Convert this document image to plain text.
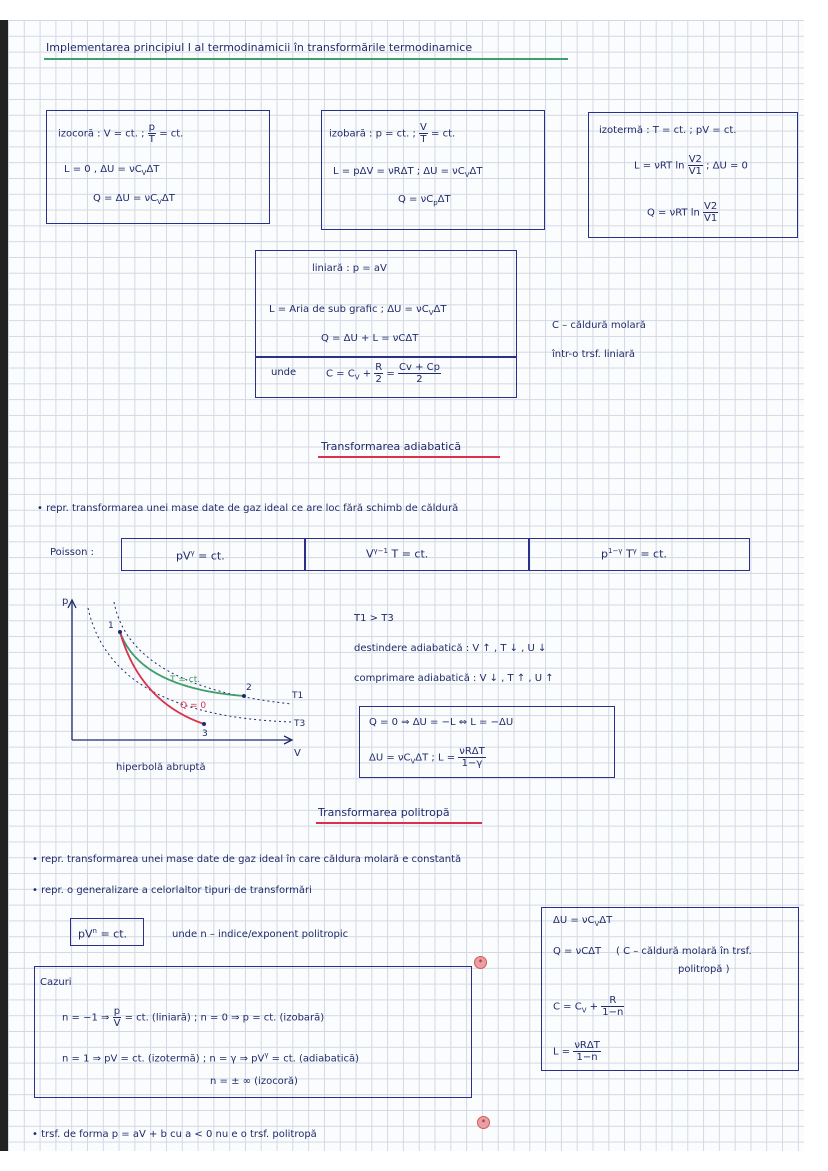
Implementarea principiul I al termodinamicii în transformările termodinamice
izocoră : V = ct. ; $\frac{p}{T}$ = ct.
L = 0 , $\Delta U = \nu C_V\Delta T$
$Q = \Delta U = \nu C_V\Delta T$
izobară : p = ct. ; $\frac{V}{T}$ = ct.
L = pΔV = νRΔT ; $\Delta U = \nu C_V\Delta T$
$Q = \nu C_p\Delta T$
izotermă : T = ct. ; pV = ct.
L = νRT $\ln \frac{V2}{V1}$ ; ΔU = 0
Q = νRT $\ln \frac{V2}{V1}$
liniară : p = aV
L = Aria de sub grafic ; $\Delta U = \nu C_V\Delta T$
Q = ΔU + L = νCΔT
unde	$C = C_V + \frac{R}{2} = \frac{Cv + Cp}{2}$
C – căldură molară
într-o trsf. liniară
Transformarea adiabatică
• repr. transformarea unei mase date de gaz ideal ce are loc fără schimb de căldură
Poisson :	$pV^\gamma$ = ct.	$V^{\gamma-1}$ T = ct.	$p^{1-\gamma}$ $T^\gamma$ = ct.
p
V
1
2
3
T1
T3
T = ct.
Q = 0
hiperbolă abruptă
T1 > T3
destindere adiabatică : V ↑ , T ↓ , U ↓
comprimare adiabatică : V ↓ , T ↑ , U ↑
Q = 0 ⇒ ΔU = −L ⇔ L = −ΔU
$\Delta U = \nu C_V\Delta T$ ; $L = \frac{\text{νRΔT}}{1-\gamma}$
Transformarea politropă
• repr. transformarea unei mase date de gaz ideal în care căldura molară e constantă
• repr. o generalizare a celorlaltor tipuri de transformări
$pV^n$ = ct.	unde n – indice/exponent politropic
*
Cazuri
n = −1 ⇒ $\frac{p}{V}$ = ct. (liniară) ; n = 0 ⇒ p = ct. (izobară)
n = 1 ⇒ pV = ct. (izotermă) ; n = γ ⇒ $pV^\gamma$ = ct. (adiabatică)
n = ± ∞ (izocoră)
$\Delta U = \nu C_V\Delta T$
Q = νCΔT ( C – căldură molară în trsf.
politropă )
$C = C_V + \frac{R}{1-n}$
$L = \frac{\text{νRΔT}}{1-n}$
• trsf. de forma p = aV + b cu a < 0 nu e o trsf. politropă
*
